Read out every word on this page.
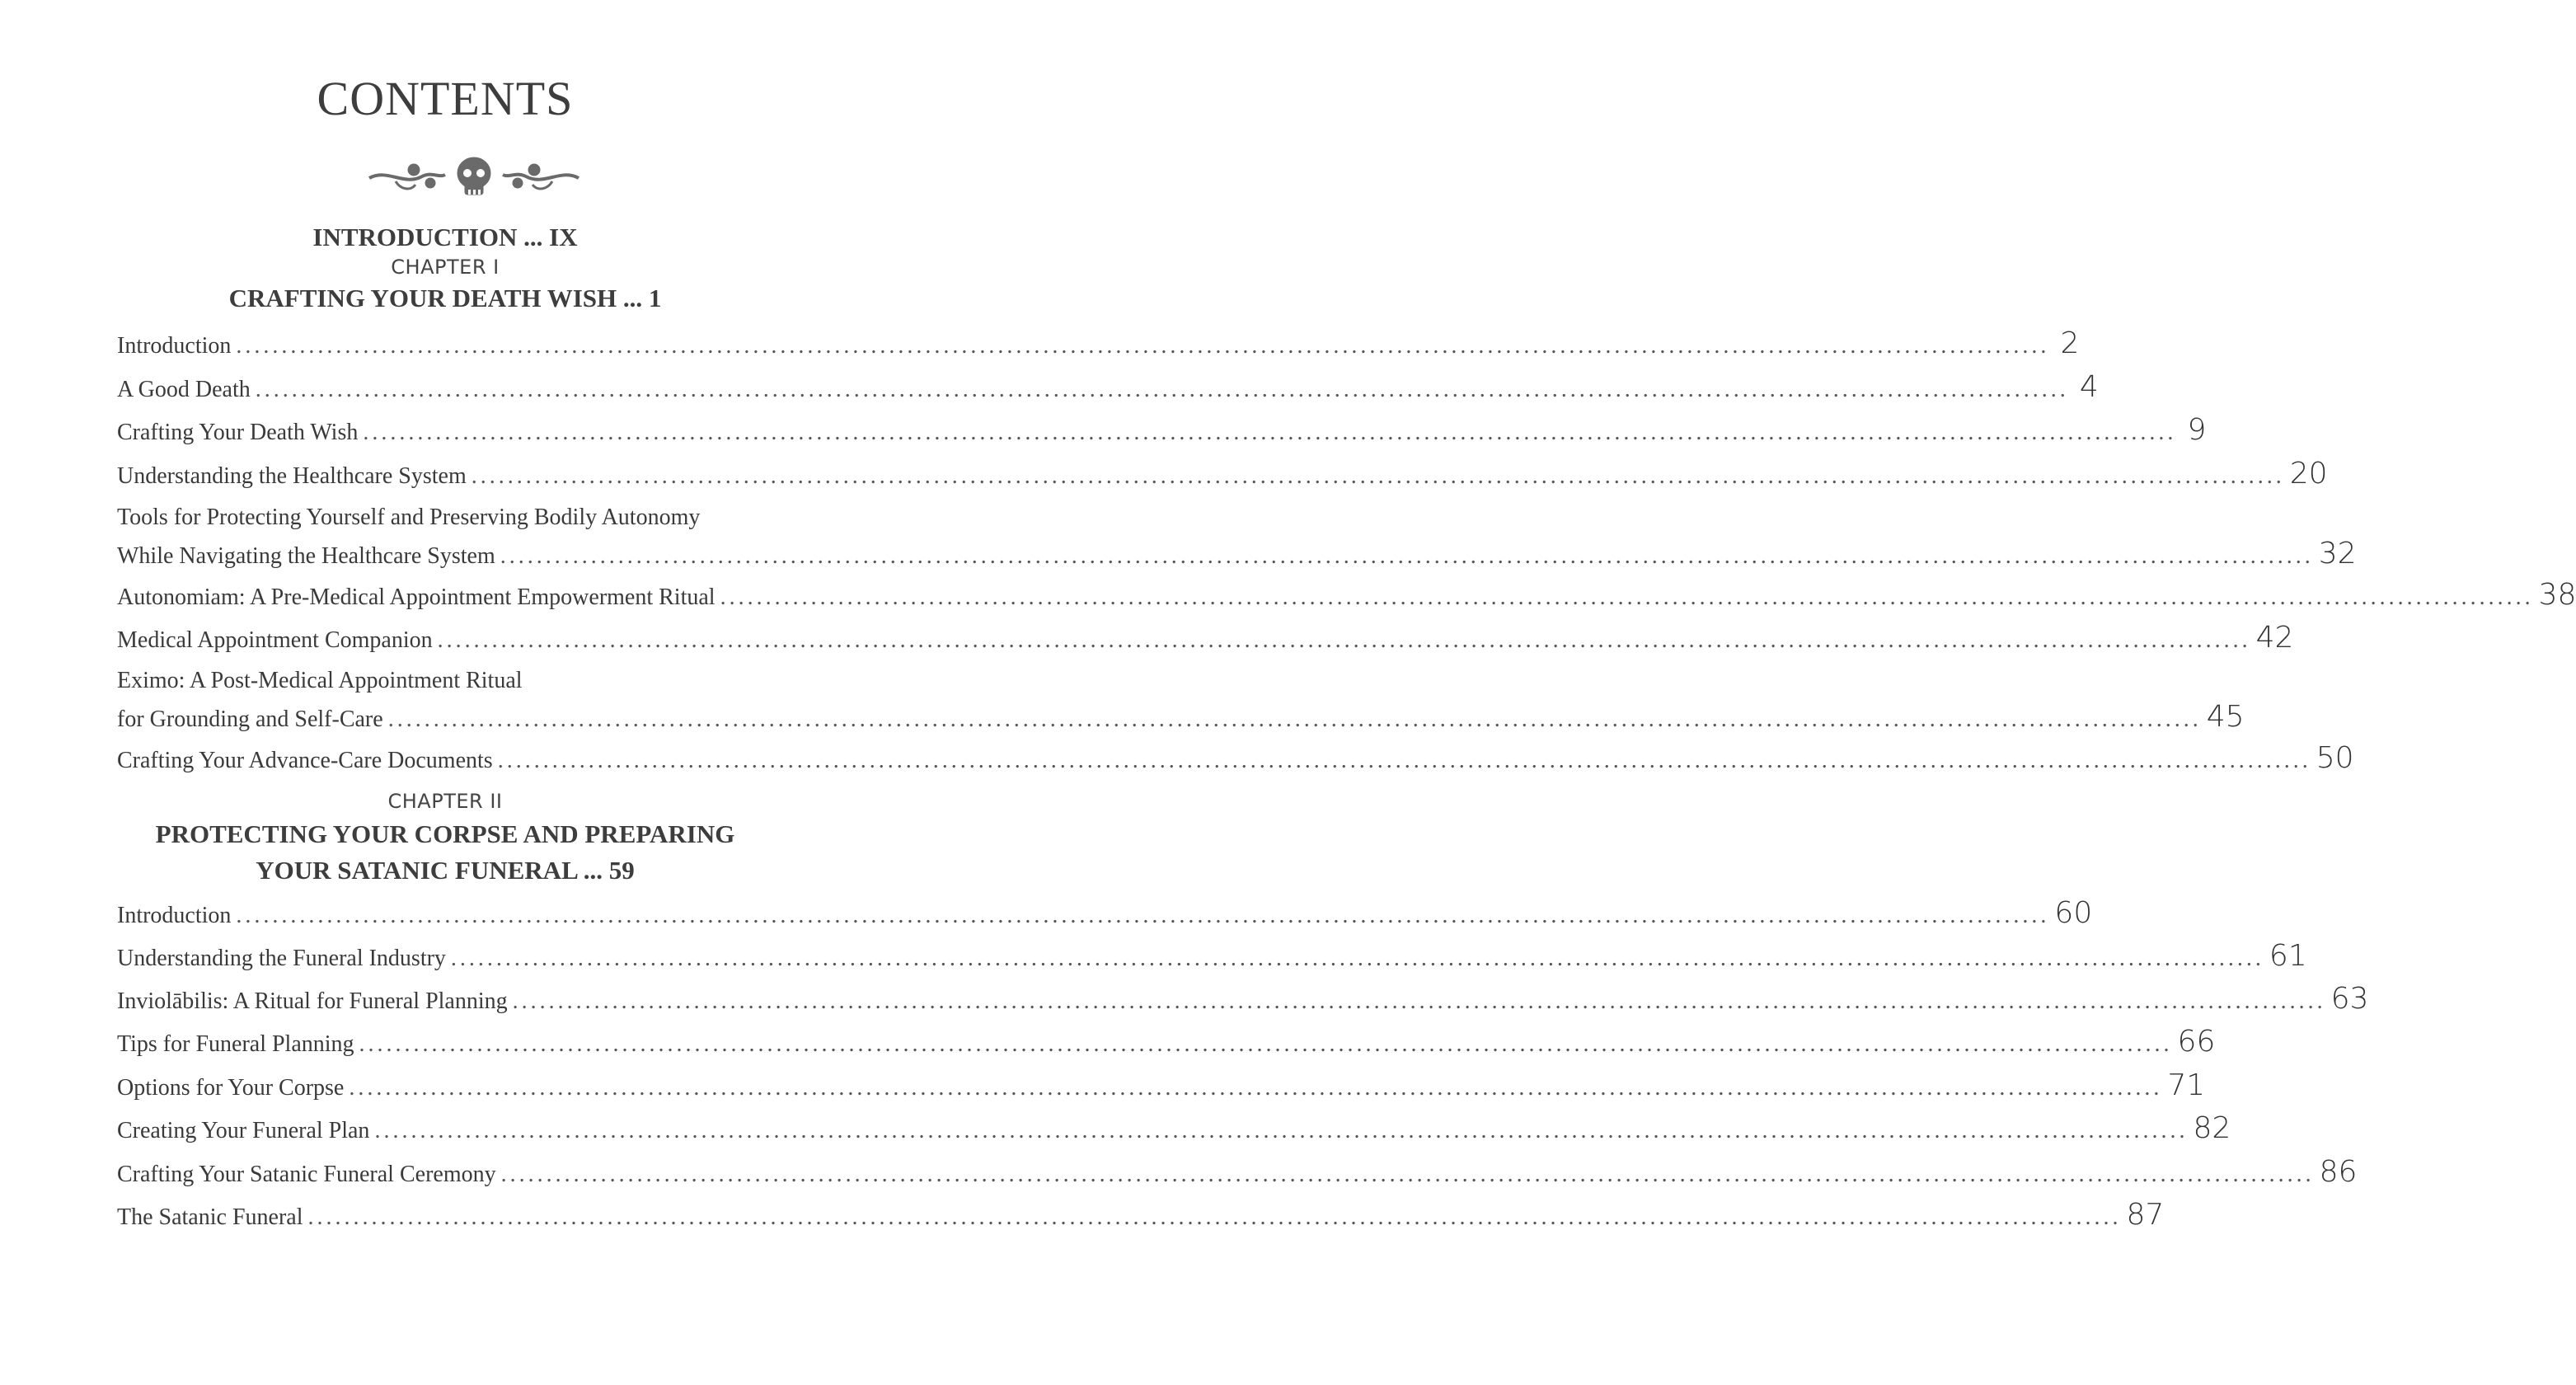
CONTENTS
INTRODUCTION ... IX
CHAPTER I
CRAFTING YOUR DEATH WISH ... 1
Introduction ........................................................................................................................................................................................................ 2
A Good Death ........................................................................................................................................................................................................ 4
Crafting Your Death Wish ........................................................................................................................................................................................................ 9
Understanding the Healthcare System ........................................................................................................................................................................................................ 20
Tools for Protecting Yourself and Preserving Bodily Autonomy
While Navigating the Healthcare System ........................................................................................................................................................................................................ 32
Autonomiam: A Pre-Medical Appointment Empowerment Ritual ........................................................................................................................................................................................................ 38
Medical Appointment Companion ........................................................................................................................................................................................................ 42
Eximo: A Post-Medical Appointment Ritual
for Grounding and Self-Care ........................................................................................................................................................................................................ 45
Crafting Your Advance-Care Documents ........................................................................................................................................................................................................ 50
CHAPTER II
PROTECTING YOUR CORPSE AND PREPARING
YOUR SATANIC FUNERAL ... 59
Introduction ........................................................................................................................................................................................................ 60
Understanding the Funeral Industry ........................................................................................................................................................................................................ 61
Inviolābilis: A Ritual for Funeral Planning ........................................................................................................................................................................................................ 63
Tips for Funeral Planning ........................................................................................................................................................................................................ 66
Options for Your Corpse ........................................................................................................................................................................................................ 71
Creating Your Funeral Plan ........................................................................................................................................................................................................ 82
Crafting Your Satanic Funeral Ceremony ........................................................................................................................................................................................................ 86
The Satanic Funeral ........................................................................................................................................................................................................ 87
